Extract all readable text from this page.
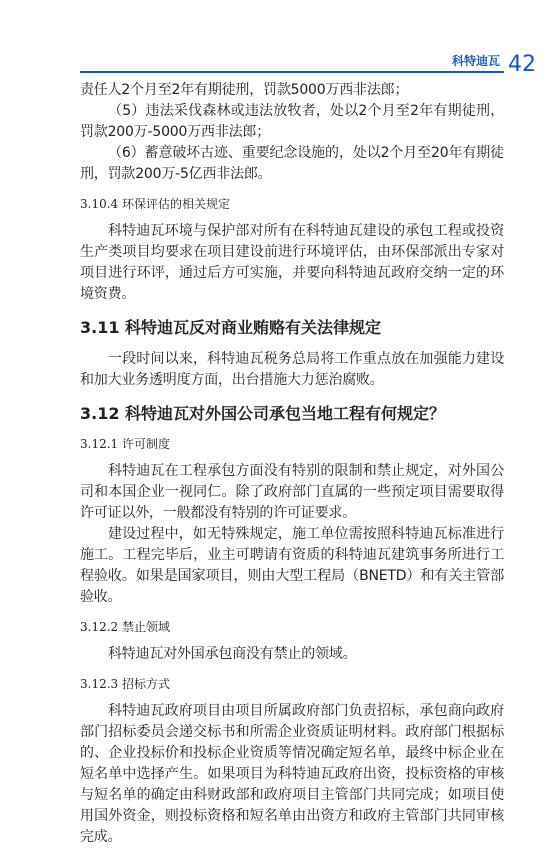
科特迪瓦 42

责任人2个月至2年有期徒刑，罚款5000万西非法郎；

（5）违法采伐森林或违法放牧者，处以2个月至2年有期徒刑，罚款200万-5000万西非法郎；

（6）蓄意破坏古迹、重要纪念设施的，处以2个月至20年有期徒刑，罚款200万-5亿西非法郎。

3.10.4 环保评估的相关规定

科特迪瓦环境与保护部对所有在科特迪瓦建设的承包工程或投资生产类项目均要求在项目建设前进行环境评估，由环保部派出专家对项目进行环评，通过后方可实施，并要向科特迪瓦政府交纳一定的环境资费。

3.11 科特迪瓦反对商业贿赂有关法律规定

一段时间以来，科特迪瓦税务总局将工作重点放在加强能力建设和加大业务透明度方面，出台措施大力惩治腐败。

3.12 科特迪瓦对外国公司承包当地工程有何规定？
3.12.1 许可制度

科特迪瓦在工程承包方面没有特别的限制和禁止规定，对外国公司和本国企业一视同仁。除了政府部门直属的一些预定项目需要取得许可证以外，一般都没有特别的许可证要求。

建设过程中，如无特殊规定，施工单位需按照科特迪瓦标准进行施工。工程完毕后，业主可聘请有资质的科特迪瓦建筑事务所进行工程验收。如果是国家项目，则由大型工程局（BNETD）和有关主管部验收。

3.12.2 禁止领域

科特迪瓦对外国承包商没有禁止的领域。

3.12.3 招标方式

科特迪瓦政府项目由项目所属政府部门负责招标，承包商向政府部门招标委员会递交标书和所需企业资质证明材料。政府部门根据标的、企业投标价和投标企业资质等情况确定短名单，最终中标企业在短名单中选择产生。如果项目为科特迪瓦政府出资，投标资格的审核与短名单的确定由科财政部和政府项目主管部门共同完成；如项目使用国外资金，则投标资格和短名单由出资方和政府主管部门共同审核完成。
